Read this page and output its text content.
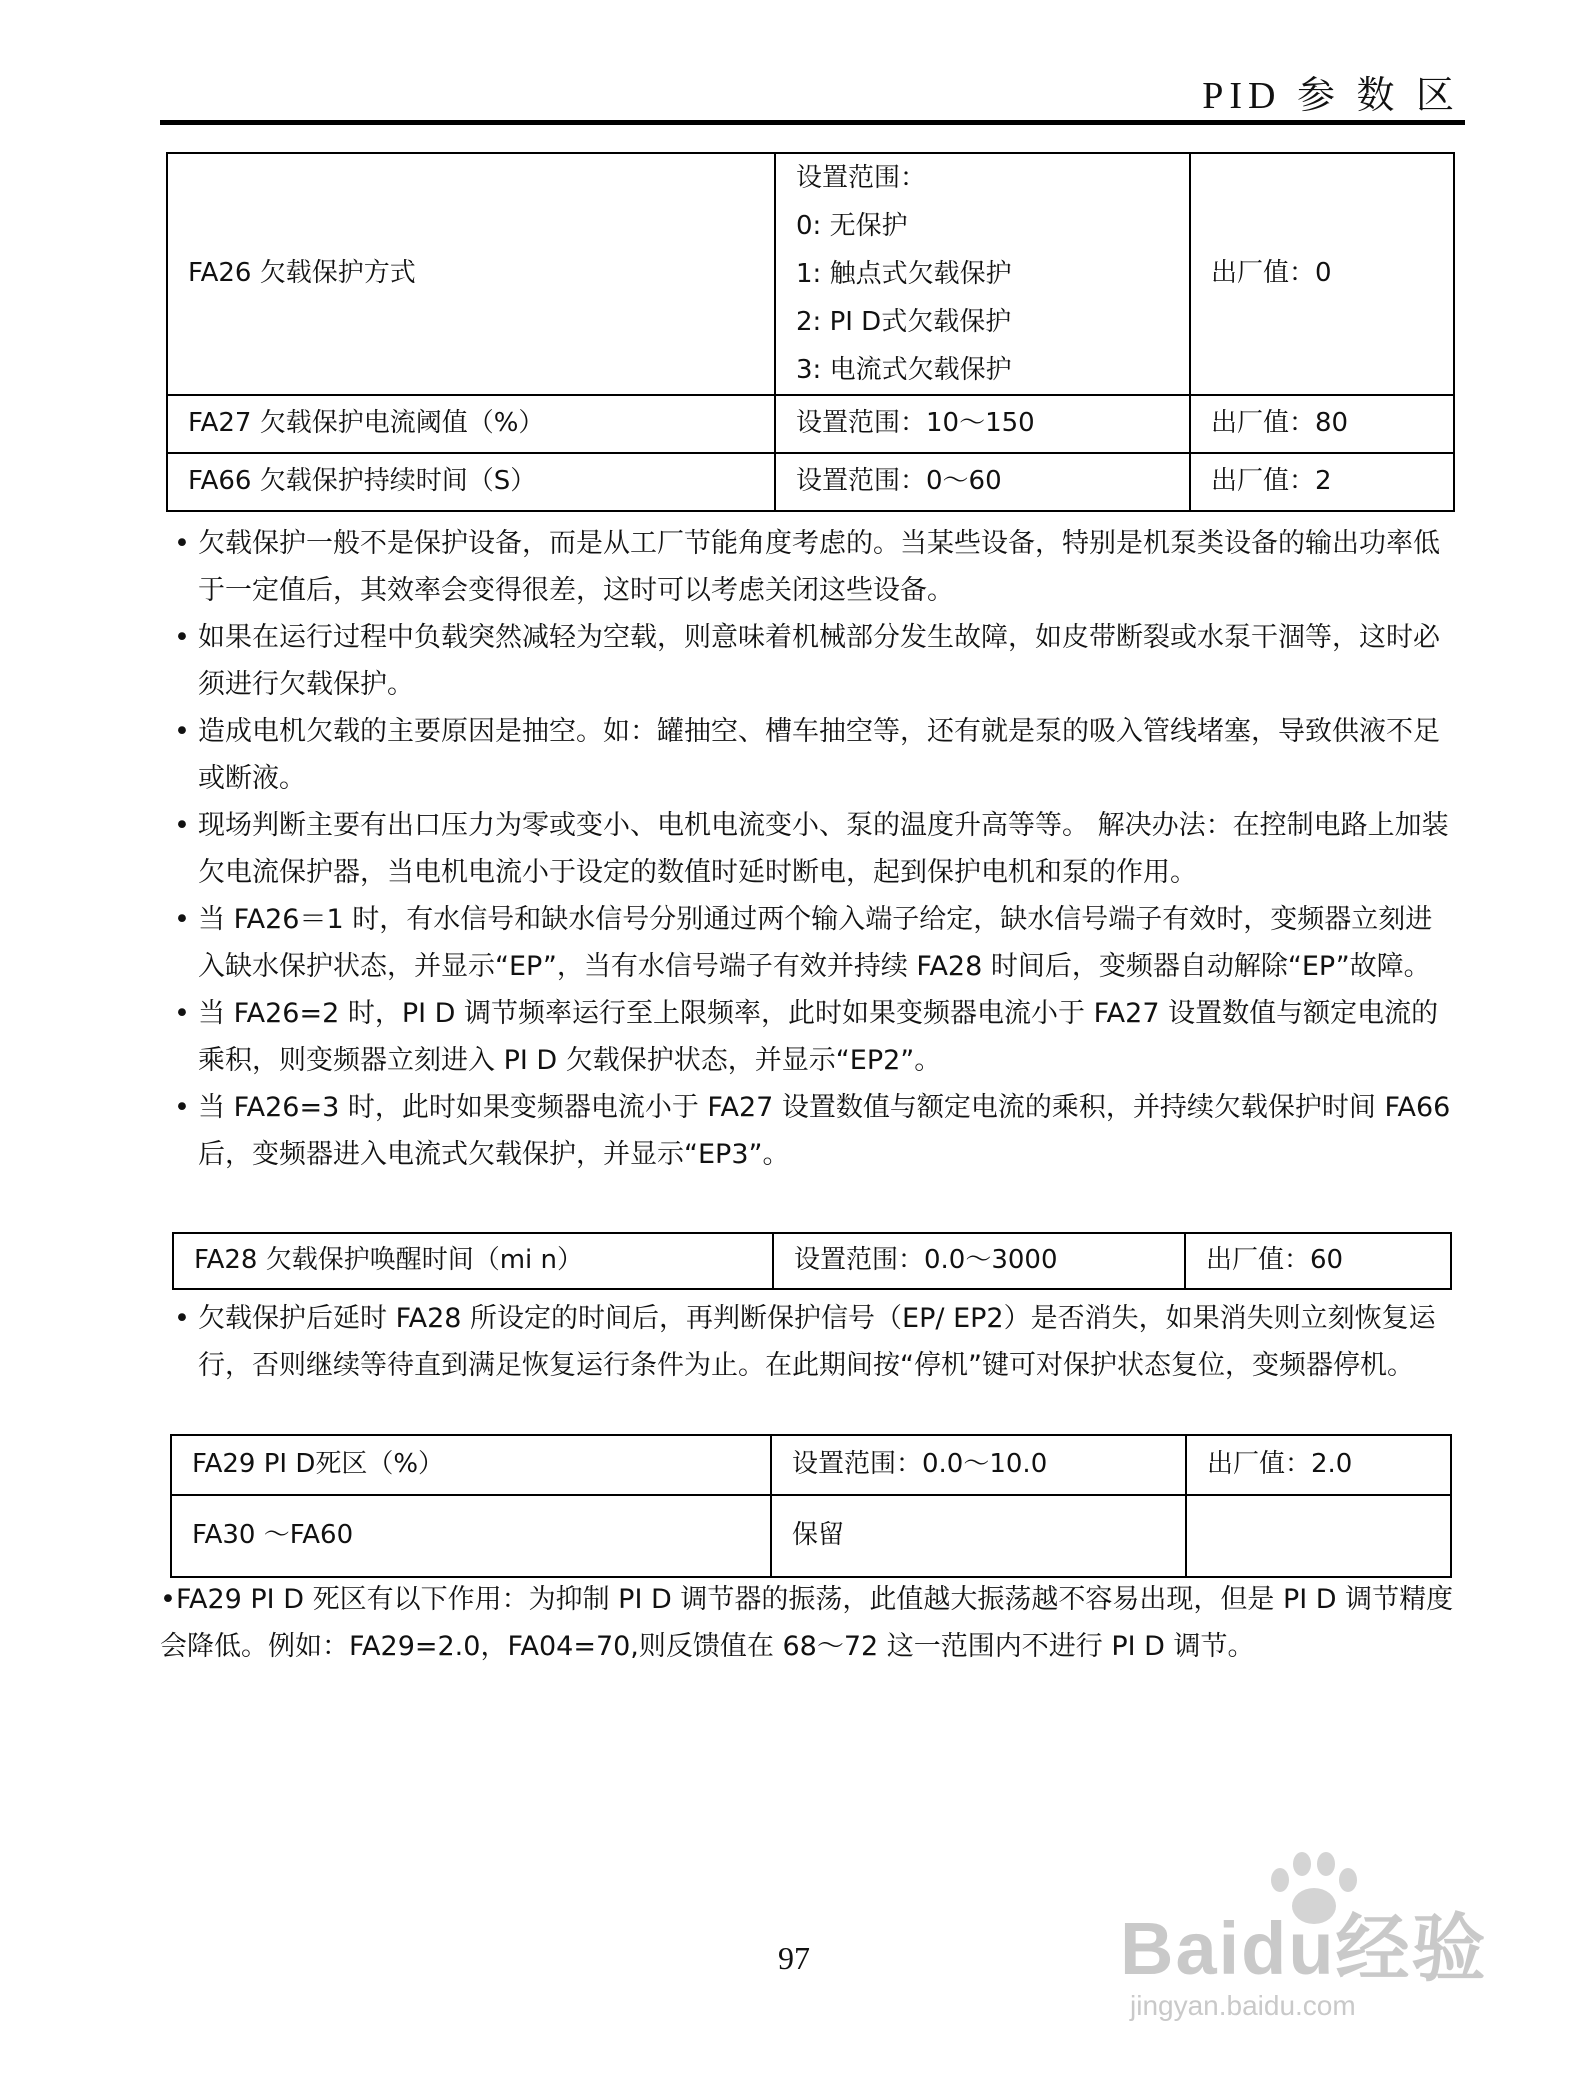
PID 参 数 区
FA26 欠载保护方式	设置范围：
0: 无保护
1: 触点式欠载保护
2: PI D式欠载保护
3: 电流式欠载保护	出厂值：0
FA27 欠载保护电流阈值（%）	设置范围：10～150	出厂值：80
FA66 欠载保护持续时间（S）	设置范围：0～60	出厂值：2
• 欠载保护一般不是保护设备，而是从工厂节能角度考虑的。当某些设备，特别是机泵类设备的输出功率低于一定值后，其效率会变得很差，这时可以考虑关闭这些设备。
• 如果在运行过程中负载突然减轻为空载，则意味着机械部分发生故障，如皮带断裂或水泵干涸等，这时必须进行欠载保护。
• 造成电机欠载的主要原因是抽空。如：罐抽空、槽车抽空等，还有就是泵的吸入管线堵塞，导致供液不足或断液。
• 现场判断主要有出口压力为零或变小、电机电流变小、泵的温度升高等等。 解决办法：在控制电路上加装欠电流保护器，当电机电流小于设定的数值时延时断电，起到保护电机和泵的作用。
• 当 FA26＝1 时，有水信号和缺水信号分别通过两个输入端子给定，缺水信号端子有效时，变频器立刻进入缺水保护状态，并显示“EP”，当有水信号端子有效并持续 FA28 时间后，变频器自动解除“EP”故障。
• 当 FA26=2 时，PI D 调节频率运行至上限频率，此时如果变频器电流小于 FA27 设置数值与额定电流的乘积，则变频器立刻进入 PI D 欠载保护状态，并显示“EP2”。
• 当 FA26=3 时，此时如果变频器电流小于 FA27 设置数值与额定电流的乘积，并持续欠载保护时间 FA66 后，变频器进入电流式欠载保护，并显示“EP3”。
FA28 欠载保护唤醒时间（mi n）	设置范围：0.0～3000	出厂值：60
• 欠载保护后延时 FA28 所设定的时间后，再判断保护信号（EP/ EP2）是否消失，如果消失则立刻恢复运行，否则继续等待直到满足恢复运行条件为止。在此期间按“停机”键可对保护状态复位，变频器停机。
FA29 PI D死区（%）	设置范围：0.0～10.0	出厂值：2.0
FA30 ～FA60	保留	
•FA29 PI D 死区有以下作用：为抑制 PI D 调节器的振荡，此值越大振荡越不容易出现，但是 PI D 调节精度会降低。例如：FA29=2.0，FA04=70,则反馈值在 68～72 这一范围内不进行 PI D 调节。
97	Baidu经验
jingyan.baidu.com
